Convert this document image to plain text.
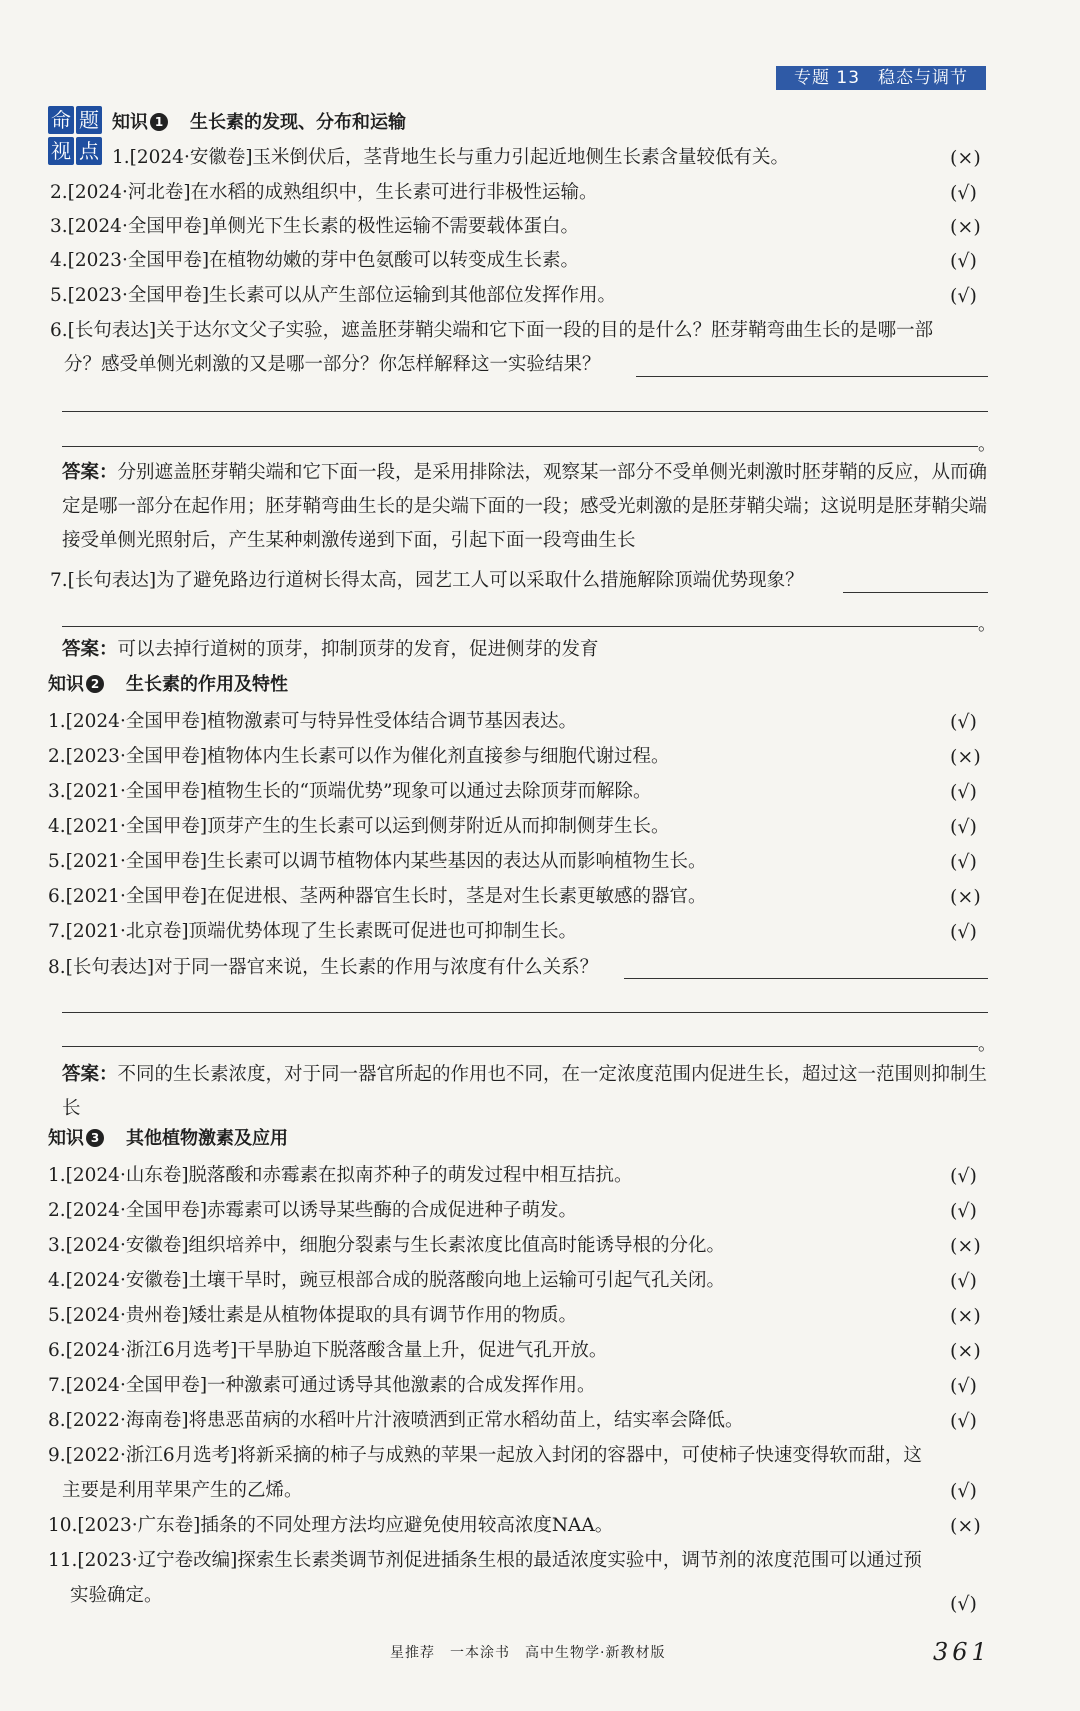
专题 13　稳态与调节
命 题
视 点
知识 1 生长素的发现、分布和运输
1.[2024·安徽卷]玉米倒伏后，茎背地生长与重力引起近地侧生长素含量较低有关。	(×)
2.[2024·河北卷]在水稻的成熟组织中，生长素可进行非极性运输。	(√)
3.[2024·全国甲卷]单侧光下生长素的极性运输不需要载体蛋白。	(×)
4.[2023·全国甲卷]在植物幼嫩的芽中色氨酸可以转变成生长素。	(√)
5.[2023·全国甲卷]生长素可以从产生部位运输到其他部位发挥作用。	(√)
6.[长句表达]关于达尔文父子实验，遮盖胚芽鞘尖端和它下面一段的目的是什么？胚芽鞘弯曲生长的是哪一部
分？感受单侧光刺激的又是哪一部分？你怎样解释这一实验结果？
。
答案：分别遮盖胚芽鞘尖端和它下面一段，是采用排除法，观察某一部分不受单侧光刺激时胚芽鞘的反应，从而确定是哪一部分在起作用；胚芽鞘弯曲生长的是尖端下面的一段；感受光刺激的是胚芽鞘尖端；这说明是胚芽鞘尖端接受单侧光照射后，产生某种刺激传递到下面，引起下面一段弯曲生长
7.[长句表达]为了避免路边行道树长得太高，园艺工人可以采取什么措施解除顶端优势现象？
。
答案：可以去掉行道树的顶芽，抑制顶芽的发育，促进侧芽的发育
知识 2 生长素的作用及特性
1.[2024·全国甲卷]植物激素可与特异性受体结合调节基因表达。	(√)
2.[2023·全国甲卷]植物体内生长素可以作为催化剂直接参与细胞代谢过程。	(×)
3.[2021·全国甲卷]植物生长的“顶端优势”现象可以通过去除顶芽而解除。	(√)
4.[2021·全国甲卷]顶芽产生的生长素可以运到侧芽附近从而抑制侧芽生长。	(√)
5.[2021·全国甲卷]生长素可以调节植物体内某些基因的表达从而影响植物生长。	(√)
6.[2021·全国甲卷]在促进根、茎两种器官生长时，茎是对生长素更敏感的器官。	(×)
7.[2021·北京卷]顶端优势体现了生长素既可促进也可抑制生长。	(√)
8.[长句表达]对于同一器官来说，生长素的作用与浓度有什么关系？
。
答案：不同的生长素浓度，对于同一器官所起的作用也不同，在一定浓度范围内促进生长，超过这一范围则抑制生长
知识 3 其他植物激素及应用
1.[2024·山东卷]脱落酸和赤霉素在拟南芥种子的萌发过程中相互拮抗。	(√)
2.[2024·全国甲卷]赤霉素可以诱导某些酶的合成促进种子萌发。	(√)
3.[2024·安徽卷]组织培养中，细胞分裂素与生长素浓度比值高时能诱导根的分化。	(×)
4.[2024·安徽卷]土壤干旱时，豌豆根部合成的脱落酸向地上运输可引起气孔关闭。	(√)
5.[2024·贵州卷]矮壮素是从植物体提取的具有调节作用的物质。	(×)
6.[2024·浙江6月选考]干旱胁迫下脱落酸含量上升，促进气孔开放。	(×)
7.[2024·全国甲卷]一种激素可通过诱导其他激素的合成发挥作用。	(√)
8.[2022·海南卷]将患恶苗病的水稻叶片汁液喷洒到正常水稻幼苗上，结实率会降低。	(√)
9.[2022·浙江6月选考]将新采摘的柿子与成熟的苹果一起放入封闭的容器中，可使柿子快速变得软而甜，这
主要是利用苹果产生的乙烯。	(√)
10.[2023·广东卷]插条的不同处理方法均应避免使用较高浓度NAA。	(×)
11.[2023·辽宁卷改编]探索生长素类调节剂促进插条生根的最适浓度实验中，调节剂的浓度范围可以通过预
实验确定。	(√)
星推荐　一本涂书　高中生物学·新教材版	361
